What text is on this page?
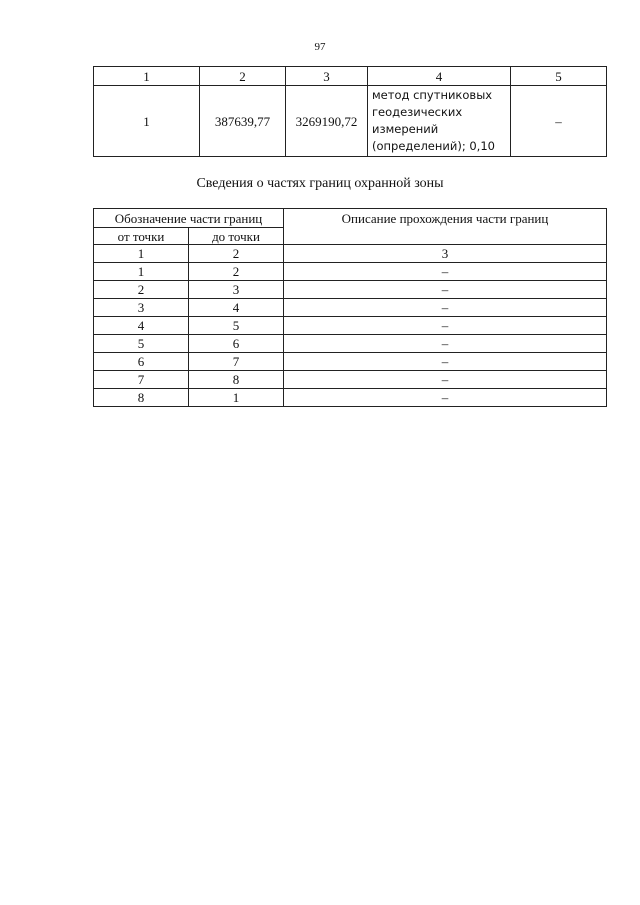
97
1	2	3	4	5
1	387639,77	3269190,72	метод спутниковых
геодезических
измерений
(определений); 0,10	–
Сведения о частях границ охранной зоны
Обозначение части границ		Описание прохождения части границ
от точки	до точки	
1	2	3
1	2	–
2	3	–
3	4	–
4	5	–
5	6	–
6	7	–
7	8	–
8	1	–
